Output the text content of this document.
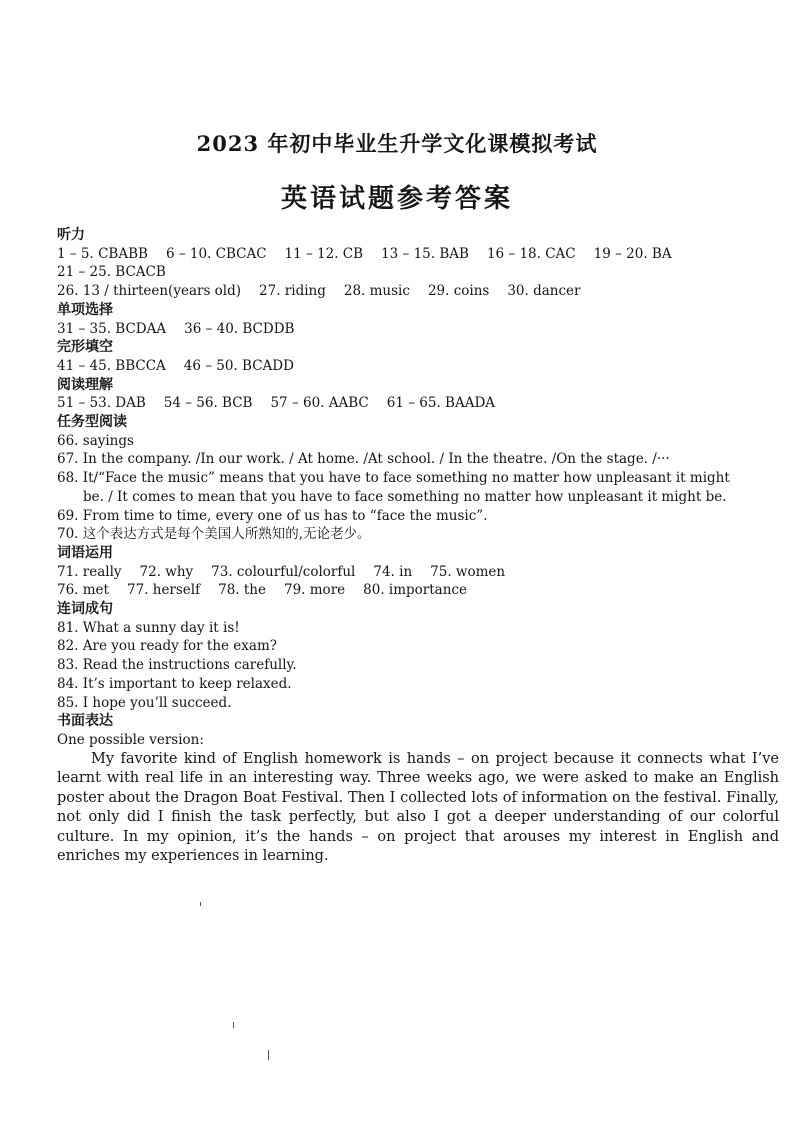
2023 年初中毕业生升学文化课模拟考试
英语试题参考答案
听力
1 – 5. CBABB 6 – 10. CBCAC 11 – 12. CB 13 – 15. BAB 16 – 18. CAC 19 – 20. BA
21 – 25. BCACB
26. 13 / thirteen(years old) 27. riding 28. music 29. coins 30. dancer
单项选择
31 – 35. BCDAA 36 – 40. BCDDB
完形填空
41 – 45. BBCCA 46 – 50. BCADD
阅读理解
51 – 53. DAB 54 – 56. BCB 57 – 60. AABC 61 – 65. BAADA
任务型阅读
66. sayings
67. In the company. /In our work. / At home. /At school. / In the theatre. /On the stage. /···
68. It/“Face the music” means that you have to face something no matter how unpleasant it might
be. / It comes to mean that you have to face something no matter how unpleasant it might be.
69. From time to time, every one of us has to “face the music”.
70. 这个表达方式是每个美国人所熟知的,无论老少。
词语运用
71. really 72. why 73. colourful/colorful 74. in 75. women
76. met 77. herself 78. the 79. more 80. importance
连词成句
81. What a sunny day it is!
82. Are you ready for the exam?
83. Read the instructions carefully.
84. It’s important to keep relaxed.
85. I hope you’ll succeed.
书面表达
One possible version:
My favorite kind of English homework is hands – on project because it connects what I’ve learnt with real life in an interesting way. Three weeks ago, we were asked to make an English poster about the Dragon Boat Festival. Then I collected lots of information on the festival. Finally, not only did I finish the task perfectly, but also I got a deeper understanding of our colorful culture. In my opinion, it’s the hands – on project that arouses my interest in English and enriches my experiences in learning.
